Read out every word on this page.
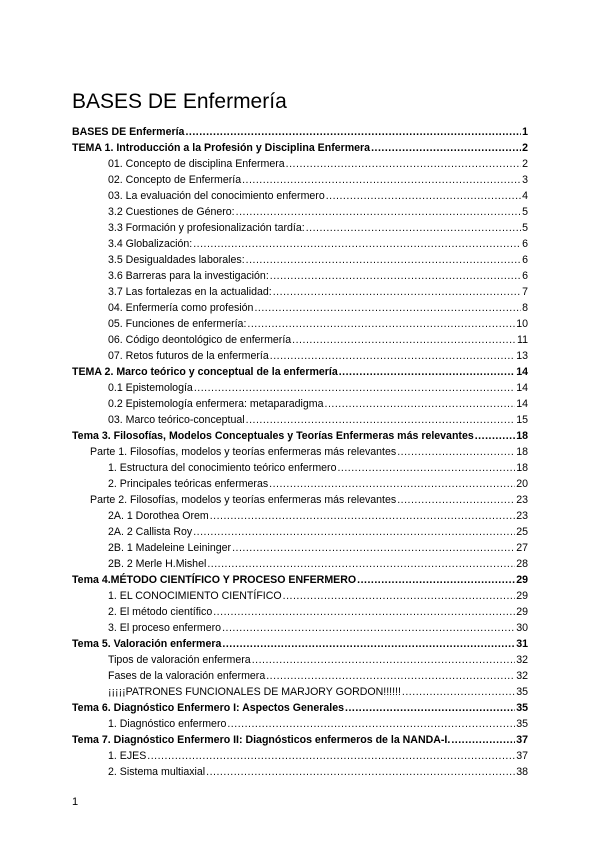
BASES DE Enfermería
BASES DE Enfermería .....	1
TEMA 1. Introducción a la Profesión y Disciplina Enfermera .....	2
01. Concepto de disciplina Enfermera .....	2
02. Concepto de Enfermería .....	3
03. La evaluación del conocimiento enfermero .....	4
3.2 Cuestiones de Género: .....	5
3.3 Formación y profesionalización tardía: .....	5
3.4 Globalización: .....	6
3.5 Desigualdades laborales: .....	6
3.6 Barreras para la investigación: .....	6
3.7 Las fortalezas en la actualidad: .....	7
04. Enfermería como profesión .....	8
05. Funciones de enfermería: .....	10
06. Código deontológico de enfermería .....	11
07. Retos futuros de la enfermería .....	13
TEMA 2. Marco teórico y conceptual de la enfermería .....	14
0.1 Epistemología .....	14
0.2 Epistemología enfermera: metaparadigma .....	14
03. Marco teórico-conceptual .....	15
Tema 3. Filosofías, Modelos Conceptuales y Teorías Enfermeras más relevantes .....	18
Parte 1. Filosofías, modelos y teorías enfermeras más relevantes .....	18
1. Estructura del conocimiento teórico enfermero .....	18
2. Principales teóricas enfermeras .....	20
Parte 2. Filosofías, modelos y teorías enfermeras más relevantes .....	23
2A. 1 Dorothea Orem .....	23
2A. 2 Callista Roy .....	25
2B. 1 Madeleine Leininger .....	27
2B. 2 Merle H.Mishel .....	28
Tema 4.MÉTODO CIENTÍFICO Y PROCESO ENFERMERO .....	29
1. EL CONOCIMIENTO CIENTÍFICO .....	29
2. El método científico .....	29
3. El proceso enfermero .....	30
Tema 5. Valoración enfermera .....	31
Tipos de valoración enfermera .....	32
Fases de la valoración enfermera .....	32
¡¡¡¡¡PATRONES FUNCIONALES DE MARJORY GORDON!!!!!! .....	35
Tema 6. Diagnóstico Enfermero I: Aspectos Generales .....	35
1. Diagnóstico enfermero .....	35
Tema 7. Diagnóstico Enfermero II: Diagnósticos enfermeros de la NANDA-I. .....	37
1. EJES .....	37
2. Sistema multiaxial .....	38
1
